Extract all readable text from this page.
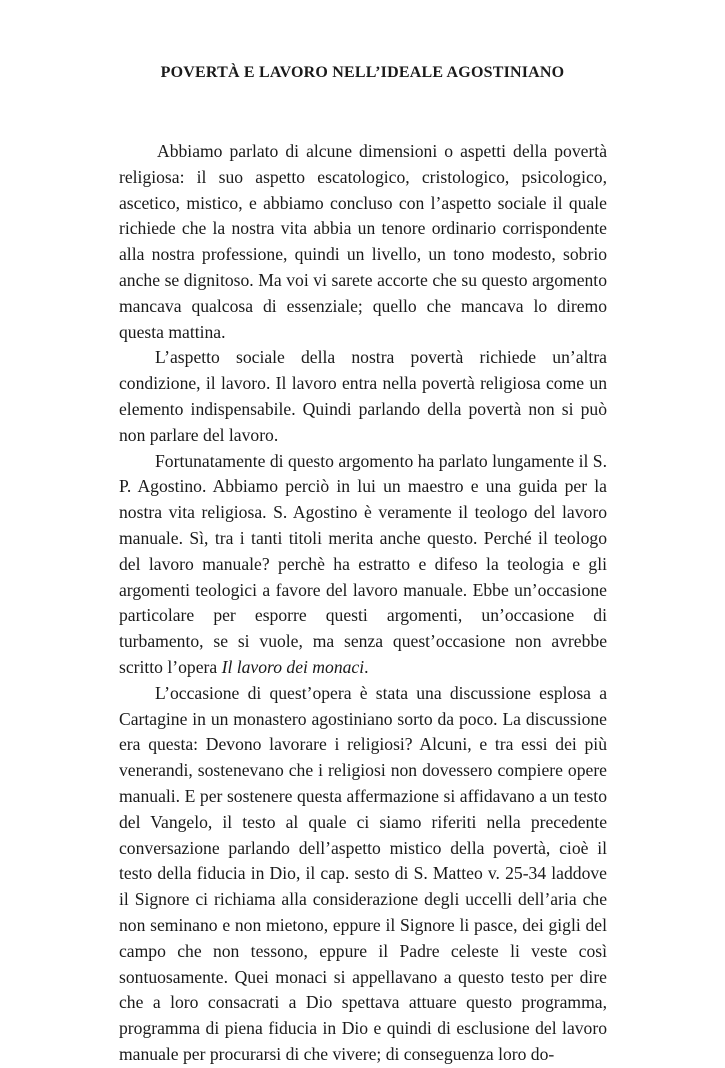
POVERTÀ E LAVORO NELL’IDEALE AGOSTINIANO

Abbiamo parlato di alcune dimensioni o aspetti della povertà religiosa: il suo aspetto escatologico, cristologico, psicologico, ascetico, mistico, e abbiamo concluso con l’aspetto sociale il quale richiede che la nostra vita abbia un tenore ordinario corrispondente alla nostra professione, quindi un livello, un tono modesto, sobrio anche se dignitoso. Ma voi vi sarete accorte che su questo argomento mancava qualcosa di essenziale; quello che mancava lo diremo questa mattina.

L’aspetto sociale della nostra povertà richiede un’altra condizione, il lavoro. Il lavoro entra nella povertà religiosa come un elemento indispensabile. Quindi parlando della povertà non si può non parlare del lavoro.

Fortunatamente di questo argomento ha parlato lungamente il S. P. Agostino. Abbiamo perciò in lui un maestro e una guida per la nostra vita religiosa. S. Agostino è veramente il teologo del lavoro manuale. Sì, tra i tanti titoli merita anche questo. Perché il teologo del lavoro manuale? perchè ha estratto e difeso la teologia e gli argomenti teologici a favore del lavoro manuale. Ebbe un’occasione particolare per esporre questi argomenti, un’occasione di turbamento, se si vuole, ma senza quest’occasione non avrebbe scritto l’opera Il lavoro dei monaci.

L’occasione di quest’opera è stata una discussione esplosa a Cartagine in un monastero agostiniano sorto da poco. La discussione era questa: Devono lavorare i religiosi? Alcuni, e tra essi dei più venerandi, sostenevano che i religiosi non dovessero compiere opere manuali. E per sostenere questa affermazione si affidavano a un testo del Vangelo, il testo al quale ci siamo riferiti nella precedente conversazione parlando dell’aspetto mistico della povertà, cioè il testo della fiducia in Dio, il cap. sesto di S. Matteo v. 25-34 laddove il Signore ci richiama alla considerazione degli uccelli dell’aria che non seminano e non mietono, eppure il Signore li pasce, dei gigli del campo che non tessono, eppure il Padre celeste li veste così sontuosamente. Quei monaci si appellavano a questo testo per dire che a loro consacrati a Dio spettava attuare questo programma, programma di piena fiducia in Dio e quindi di esclusione del lavoro manuale per procurarsi di che vivere; di conseguenza loro do-
